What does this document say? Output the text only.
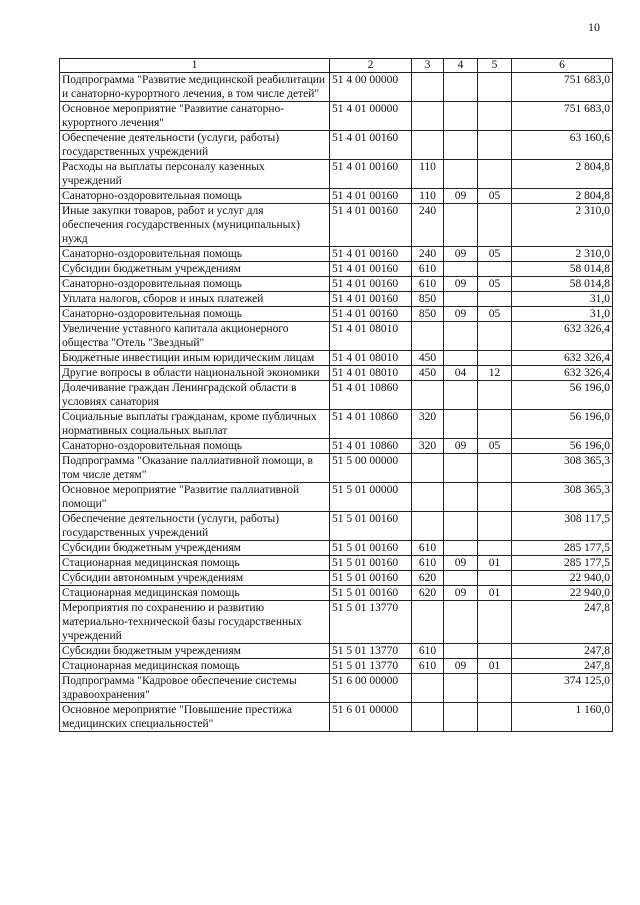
10
1	2	3	4	5	6
Подпрограмма "Развитие медицинской реабилитации и санаторно-курортного лечения, в том числе детей"	51 4 00 00000				751 683,0
Основное мероприятие "Развитие санаторно-курортного лечения"	51 4 01 00000				751 683,0
Обеспечение деятельности (услуги, работы) государственных учреждений	51 4 01 00160				63 160,6
Расходы на выплаты персоналу казенных учреждений	51 4 01 00160	110			2 804,8
Санаторно-оздоровительная помощь	51 4 01 00160	110	09	05	2 804,8
Иные закупки товаров, работ и услуг для обеспечения государственных (муниципальных) нужд	51 4 01 00160	240			2 310,0
Санаторно-оздоровительная помощь	51 4 01 00160	240	09	05	2 310,0
Субсидии бюджетным учреждениям	51 4 01 00160	610			58 014,8
Санаторно-оздоровительная помощь	51 4 01 00160	610	09	05	58 014,8
Уплата налогов, сборов и иных платежей	51 4 01 00160	850			31,0
Санаторно-оздоровительная помощь	51 4 01 00160	850	09	05	31,0
Увеличение уставного капитала акционерного общества "Отель "Звездный"	51 4 01 08010				632 326,4
Бюджетные инвестиции иным юридическим лицам	51 4 01 08010	450			632 326,4
Другие вопросы в области национальной экономики	51 4 01 08010	450	04	12	632 326,4
Долечивание граждан Ленинградской области в условиях санатория	51 4 01 10860				56 196,0
Социальные выплаты гражданам, кроме публичных нормативных социальных выплат	51 4 01 10860	320			56 196,0
Санаторно-оздоровительная помощь	51 4 01 10860	320	09	05	56 196,0
Подпрограмма "Оказание паллиативной помощи, в том числе детям"	51 5 00 00000				308 365,3
Основное мероприятие "Развитие паллиативной помощи"	51 5 01 00000				308 365,3
Обеспечение деятельности (услуги, работы) государственных учреждений	51 5 01 00160				308 117,5
Субсидии бюджетным учреждениям	51 5 01 00160	610			285 177,5
Стационарная медицинская помощь	51 5 01 00160	610	09	01	285 177,5
Субсидии автономным учреждениям	51 5 01 00160	620			22 940,0
Стационарная медицинская помощь	51 5 01 00160	620	09	01	22 940,0
Мероприятия по сохранению и развитию материально-технической базы государственных учреждений	51 5 01 13770				247,8
Субсидии бюджетным учреждениям	51 5 01 13770	610			247,8
Стационарная медицинская помощь	51 5 01 13770	610	09	01	247,8
Подпрограмма "Кадровое обеспечение системы здравоохранения"	51 6 00 00000				374 125,0
Основное мероприятие "Повышение престижа медицинских специальностей"	51 6 01 00000				1 160,0
